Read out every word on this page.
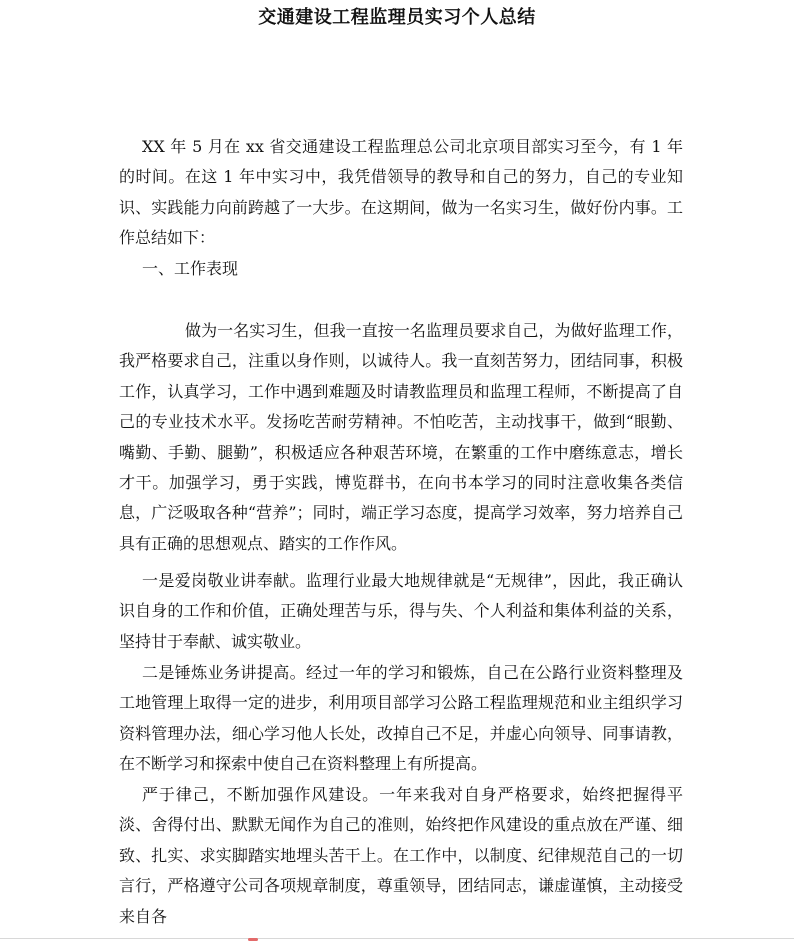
交通建设工程监理员实习个人总结

XX 年 5 月在 xx 省交通建设工程监理总公司北京项目部实习至今，有 1 年的时间。在这 1 年中实习中，我凭借领导的教导和自己的努力，自己的专业知识、实践能力向前跨越了一大步。在这期间，做为一名实习生，做好份内事。工作总结如下：

一、工作表现

做为一名实习生，但我一直按一名监理员要求自己，为做好监理工作，我严格要求自己，注重以身作则，以诚待人。我一直刻苦努力，团结同事，积极工作，认真学习，工作中遇到难题及时请教监理员和监理工程师，不断提高了自己的专业技术水平。发扬吃苦耐劳精神。不怕吃苦，主动找事干，做到“眼勤、嘴勤、手勤、腿勤”，积极适应各种艰苦环境，在繁重的工作中磨练意志，增长才干。加强学习，勇于实践，博览群书，在向书本学习的同时注意收集各类信息，广泛吸取各种“营养”；同时，端正学习态度，提高学习效率，努力培养自己具有正确的思想观点、踏实的工作作风。

一是爱岗敬业讲奉献。监理行业最大地规律就是“无规律”，因此，我正确认识自身的工作和价值，正确处理苦与乐，得与失、个人利益和集体利益的关系，坚持甘于奉献、诚实敬业。

二是锤炼业务讲提高。经过一年的学习和锻炼，自己在公路行业资料整理及工地管理上取得一定的进步，利用项目部学习公路工程监理规范和业主组织学习资料管理办法，细心学习他人长处，改掉自己不足，并虚心向领导、同事请教，在不断学习和探索中使自己在资料整理上有所提高。

严于律己，不断加强作风建设。一年来我对自身严格要求，始终把握得平淡、舍得付出、默默无闻作为自己的准则，始终把作风建设的重点放在严谨、细致、扎实、求实脚踏实地埋头苦干上。在工作中，以制度、纪律规范自己的一切言行，严格遵守公司各项规章制度，尊重领导，团结同志，谦虚谨慎，主动接受来自各
